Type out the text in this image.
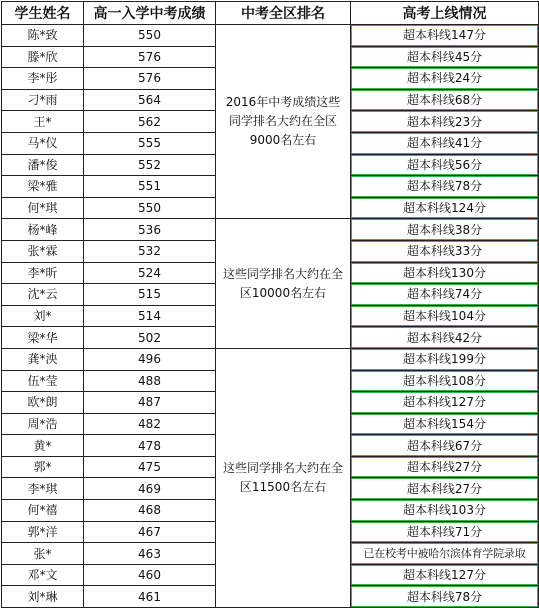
学生姓名	高一入学中考成绩	中考全区排名	高考上线情况
陈*致	550	2016年中考成绩这些同学排名大约在全区9000名左右	超本科线147分
滕*欣	576		超本科线45分
李*彤	576		超本科线24分
刁*雨	564		超本科线68分
王*	562		超本科线23分
马*仪	555		超本科线41分
潘*俊	552		超本科线56分
梁*雅	551		超本科线78分
何*琪	550		超本科线124分
杨*峰	536	这些同学排名大约在全区10000名左右	超本科线38分
张*霖	532		超本科线33分
李*昕	524		超本科线130分
沈*云	515		超本科线74分
刘*	514		超本科线104分
梁*华	502		超本科线42分
龚*泱	496	这些同学排名大约在全区11500名左右	超本科线199分
伍*莹	488		超本科线108分
欧*朗	487		超本科线127分
周*浩	482		超本科线154分
黄*	478		超本科线67分
郭*	475		超本科线27分
李*琪	469		超本科线27分
何*禧	468		超本科线103分
郭*洋	467		超本科线71分
张*	463		已在校考中被哈尔滨体育学院录取
邓*文	460		超本科线127分
刘*琳	461		超本科线78分
